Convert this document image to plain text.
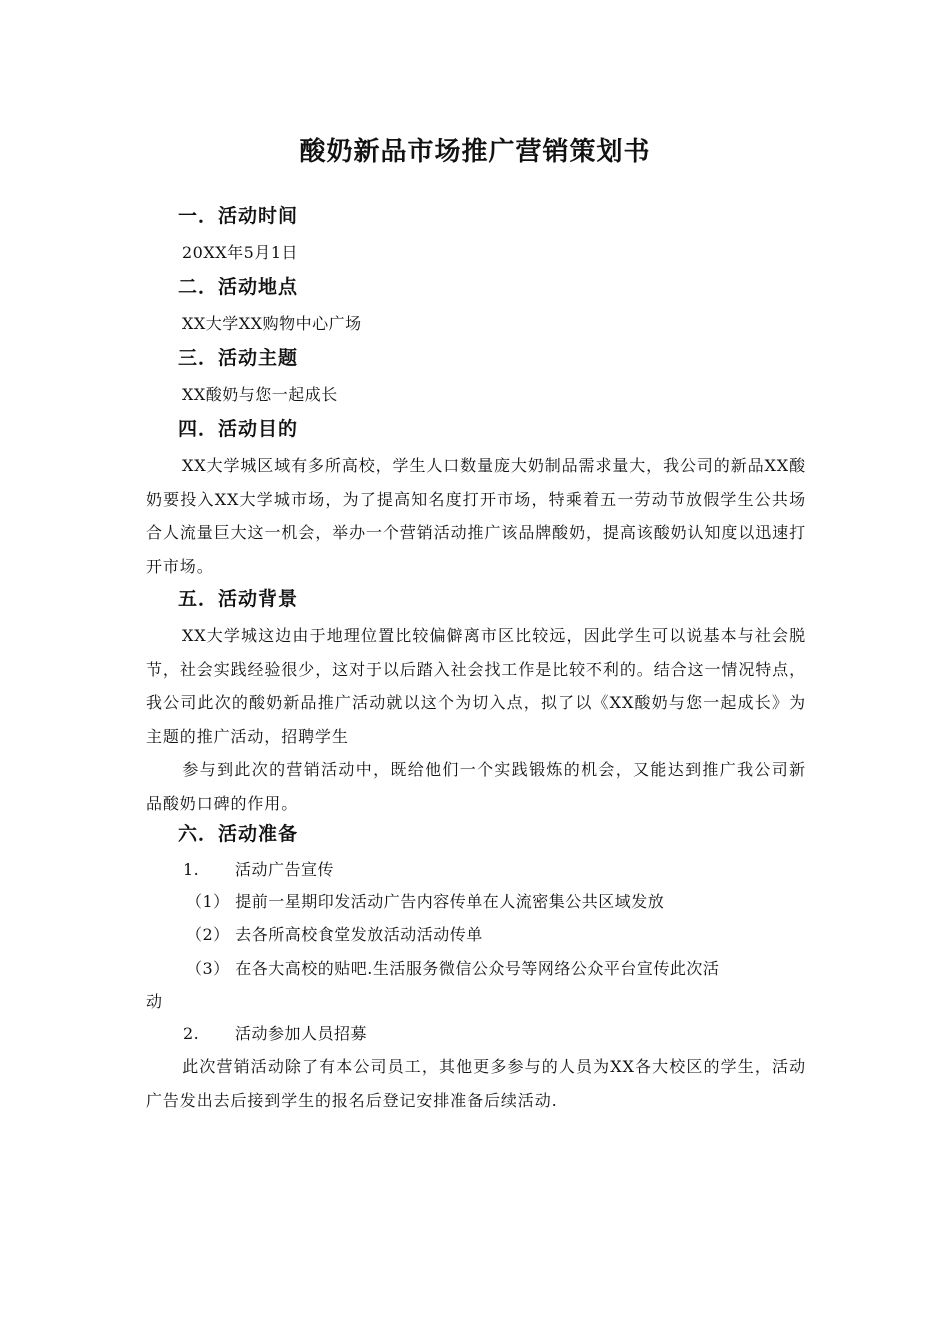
酸奶新品市场推广营销策划书
一．活动时间
20XX年5月1日
二．活动地点
XX大学XX购物中心广场
三．活动主题
XX酸奶与您一起成长
四．活动目的
XX大学城区域有多所高校，学生人口数量庞大奶制品需求量大，我公司的新品XX酸奶要投入XX大学城市场，为了提高知名度打开市场，特乘着五一劳动节放假学生公共场合人流量巨大这一机会，举办一个营销活动推广该品牌酸奶，提高该酸奶认知度以迅速打开市场。
五．活动背景
XX大学城这边由于地理位置比较偏僻离市区比较远，因此学生可以说基本与社会脱节，社会实践经验很少，这对于以后踏入社会找工作是比较不利的。结合这一情况特点，我公司此次的酸奶新品推广活动就以这个为切入点，拟了以《XX酸奶与您一起成长》为主题的推广活动，招聘学生
参与到此次的营销活动中，既给他们一个实践锻炼的机会，又能达到推广我公司新品酸奶口碑的作用。
六．活动准备
1. 活动广告宣传
（1） 提前一星期印发活动广告内容传单在人流密集公共区域发放
（2） 去各所高校食堂发放活动活动传单
（3） 在各大高校的贴吧.生活服务微信公众号等网络公众平台宣传此次活
动
2. 活动参加人员招募
此次营销活动除了有本公司员工，其他更多参与的人员为XX各大校区的学生，活动广告发出去后接到学生的报名后登记安排准备后续活动.
